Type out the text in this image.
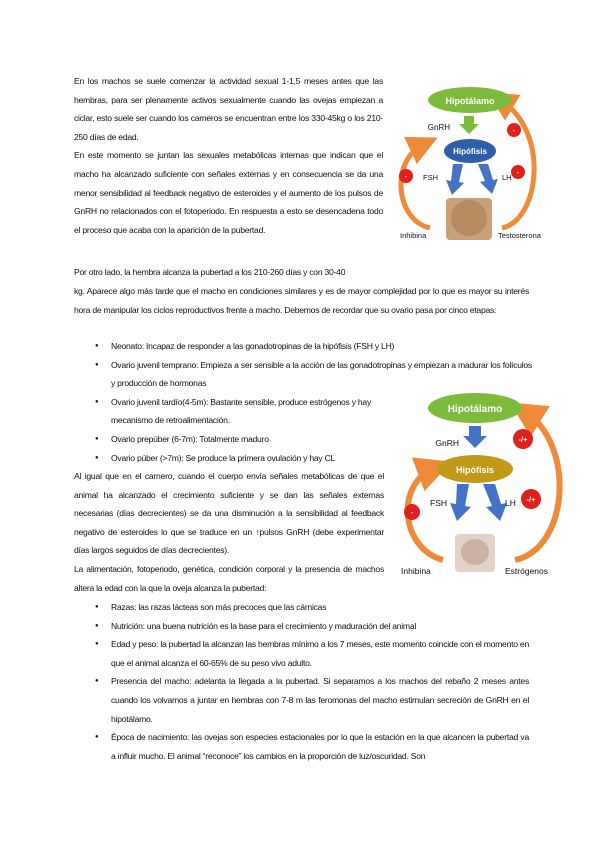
En los machos se suele comenzar la actividad sexual 1-1,5 meses antes que las hembras, para ser plenamente activos sexualmente cuando las ovejas empiezan a ciclar, esto suele ser cuando los carneros se encuentran entre los 330-45kg o los 210-250 días de edad.

En este momento se juntan las sexuales metabólicas internas que indican que el macho ha alcanzado suficiente con señales externas y en consecuencia se da una menor sensibilidad al feedback negativo de esteroides y el aumento de los pulsos de GnRH no relacionados con el fotoperiodo. En respuesta a esto se desencadena todo el proceso que acaba con la aparición de la pubertad.

Por otro lado, la hembra alcanza la pubertad a los 210-260 días y con 30-40

kg. Aparece algo más tarde que el macho en condiciones similares y es de mayor complejidad por lo que es mayor su interés hora de manipular los ciclos reproductivos frente a macho. Debemos de recordar que su ovario pasa por cinco etapas:

● Neonato: Incapaz de responder a las gonadotropinas de la hipófisis (FSH y LH)
● Ovario juvenil temprano: Empieza a ser sensible a la acción de las gonadotropinas y empiezan a madurar los folículos y producción de hormonas
● Ovario juvenil tardío(4-5m): Bastante sensible, produce estrógenos y hay mecanismo de retroalimentación.
● Ovario prepúber (6-7m): Totalmente maduro
● Ovario púber (>7m): Se produce la primera ovulación y hay CL

Al igual que en el carnero, cuando el cuerpo envía señales metabólicas de que el animal ha alcanzado el crecimiento suficiente y se dan las señales externas necesarias (días decrecientes) se da una disminución a la sensibilidad al feedback negativo de esteroides lo que se traduce en un ↑pulsos GnRH (debe experimentar días largos seguidos de días decrecientes).

La alimentación, fotoperiodo, genética, condición corporal y la presencia de machos altera la edad con la que la oveja alcanza la pubertad:

● Razas: las razas lácteas son más precoces que las cárnicas
● Nutrición: una buena nutrición es la base para el crecimiento y maduración del animal
● Edad y peso: la pubertad la alcanzan las hembras mínimo a los 7 meses, este momento coincide con el momento en que el animal alcanza el 60-65% de su peso vivo adulto.
● Presencia del macho: adelanta la llegada a la pubertad. Si separamos a los machos del rebaño 2 meses antes cuando los volvamos a juntar en hembras con 7-8 m las feromonas del macho estimulan secreción de GnRH en el hipotálamo.
● Época de nacimiento: las ovejas son especies estacionales por lo que la estación en la que alcancen la pubertad va a influir mucho. El animal “reconoce” los cambios en la proporción de luz/oscuridad. Son
Hipotálamo
GnRH
Hipófisis
FSH	LH
Inhibina	Testosterona
-
-
-
Hipotálamo
GnRH
Hipófisis
FSH	LH
Inhibina	Estrógenos
-
-/+
-/+
